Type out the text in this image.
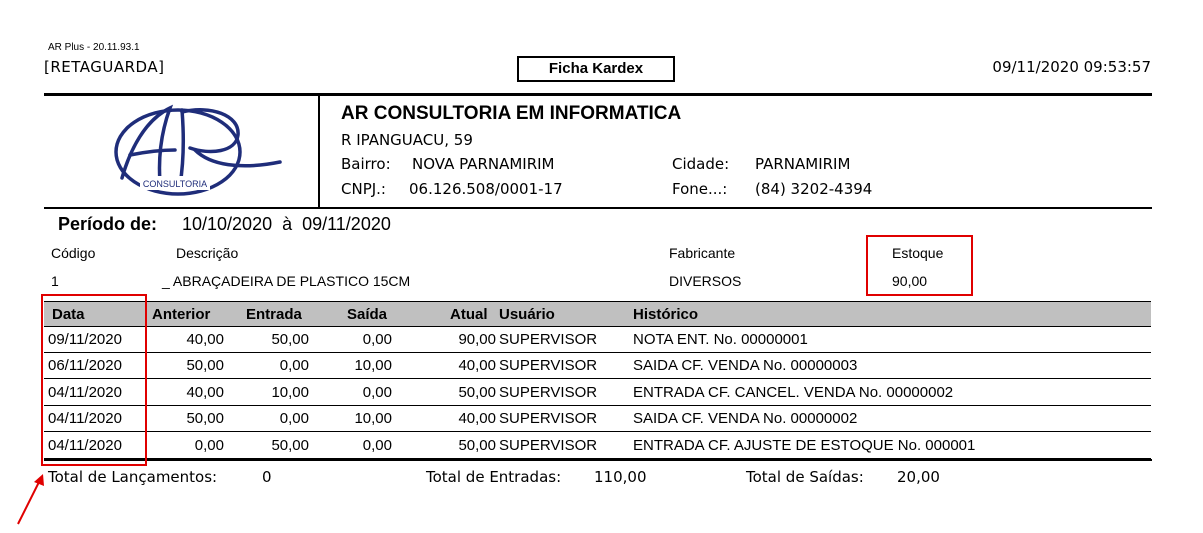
AR Plus - 20.11.93.1
[RETAGUARDA]	Ficha Kardex	09/11/2020 09:53:57
CONSULTORIA
AR CONSULTORIA EM INFORMATICA
R IPANGUACU, 59
Bairro: NOVA PARNAMIRIM	Cidade: PARNAMIRIM
CNPJ.: 06.126.508/0001-17	Fone...: (84) 3202-4394
Período de: 10/10/2020  à  09/11/2020
Código	Descrição	Fabricante	Estoque
1	_ ABRAÇADEIRA DE PLASTICO 15CM	DIVERSOS	90,00
Data	Anterior Entrada	Saída	Atual Usuário	Histórico
09/11/2020	40,00	50,00	0,00	90,00 SUPERVISOR	NOTA ENT. No. 00000001
06/11/2020	50,00	0,00	10,00	40,00 SUPERVISOR	SAIDA CF. VENDA No. 00000003
04/11/2020	40,00	10,00	0,00	50,00 SUPERVISOR	ENTRADA CF. CANCEL. VENDA No. 00000002
04/11/2020	50,00	0,00	10,00	40,00 SUPERVISOR	SAIDA CF. VENDA No. 00000002
04/11/2020	0,00	50,00	0,00	50,00 SUPERVISOR	ENTRADA CF. AJUSTE DE ESTOQUE No. 000001
Total de Lançamentos:	0	Total de Entradas: 110,00	Total de Saídas: 20,00
